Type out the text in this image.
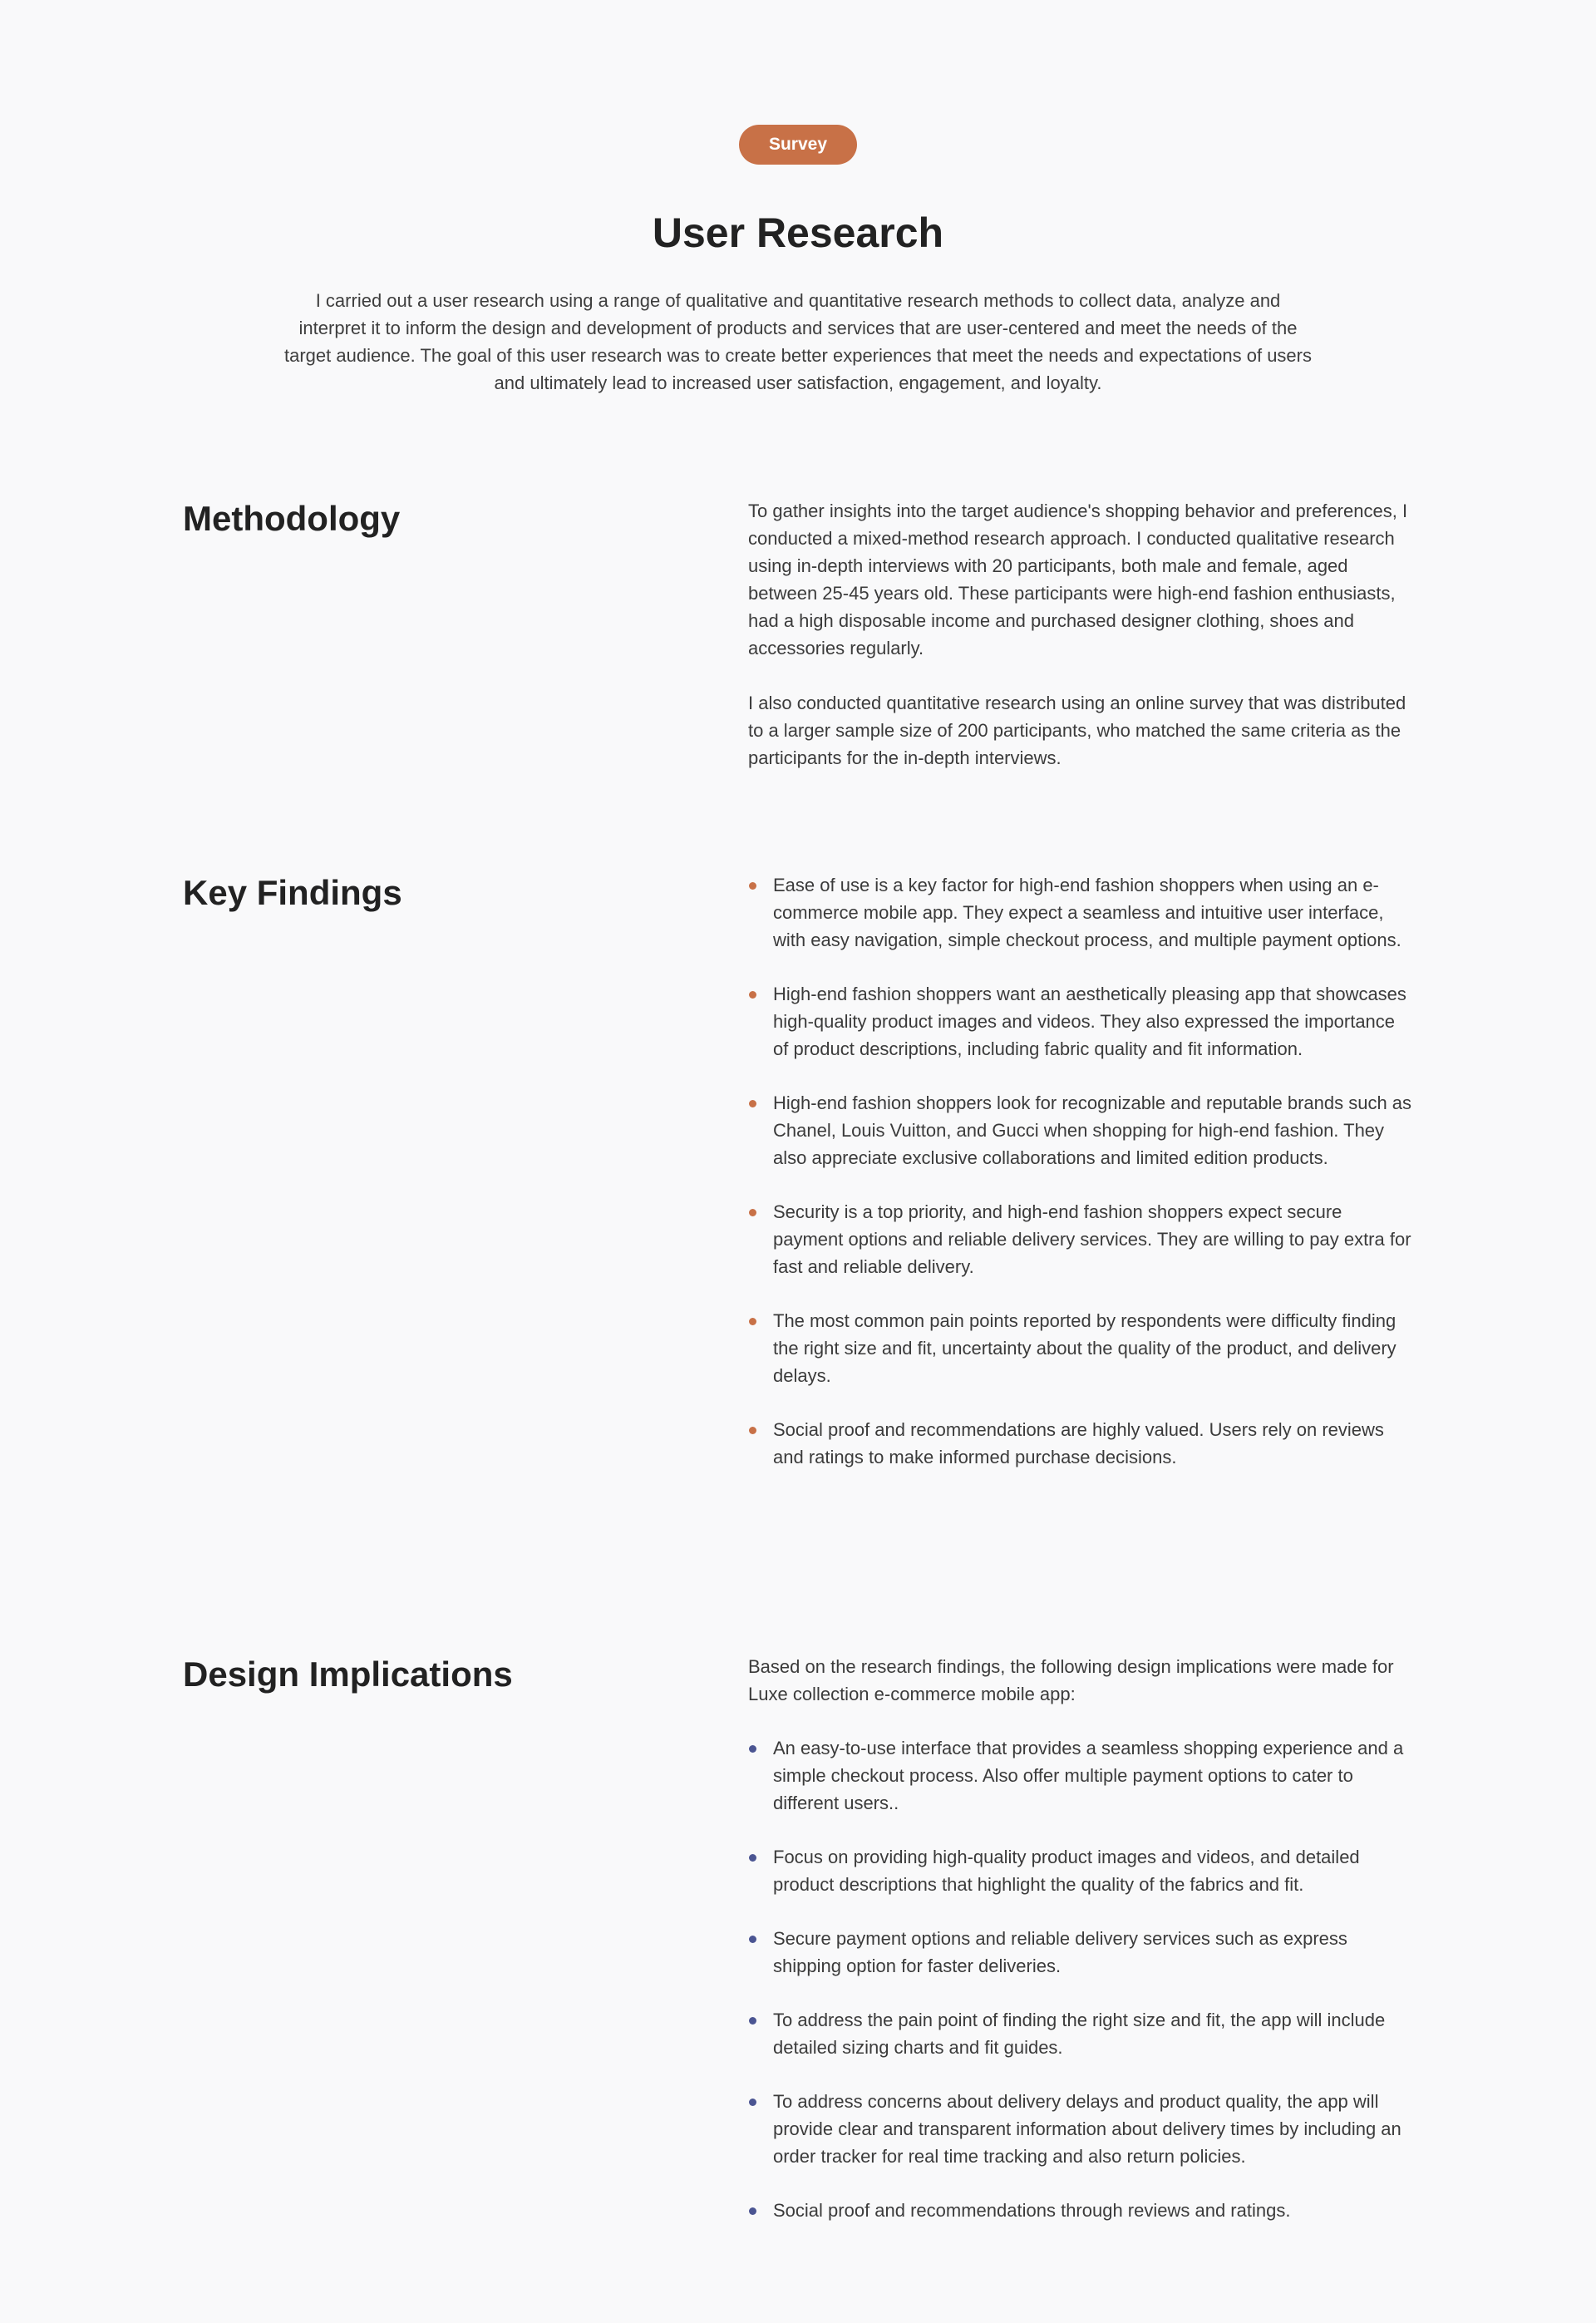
Survey
User Research

I carried out a user research using a range of qualitative and quantitative research methods to collect data, analyze and interpret it to inform the design and development of products and services that are user-centered and meet the needs of the target audience. The goal of this user research was to create better experiences that meet the needs and expectations of users and ultimately lead to increased user satisfaction, engagement, and loyalty.

Methodology	To gather insights into the target audience's shopping behavior and preferences, I conducted a mixed-method research approach. I conducted qualitative research using in-depth interviews with 20 participants, both male and female, aged between 25-45 years old. These participants were high-end fashion enthusiasts, had a high disposable income and purchased designer clothing, shoes and accessories regularly.

I also conducted quantitative research using an online survey that was distributed to a larger sample size of 200 participants, who matched the same criteria as the participants for the in-depth interviews.

Key Findings	Ease of use is a key factor for high-end fashion shoppers when using an e-commerce mobile app. They expect a seamless and intuitive user interface, with easy navigation, simple checkout process, and multiple payment options.
High-end fashion shoppers want an aesthetically pleasing app that showcases high-quality product images and videos. They also expressed the importance of product descriptions, including fabric quality and fit information.
High-end fashion shoppers look for recognizable and reputable brands such as Chanel, Louis Vuitton, and Gucci when shopping for high-end fashion. They also appreciate exclusive collaborations and limited edition products.
Security is a top priority, and high-end fashion shoppers expect secure payment options and reliable delivery services. They are willing to pay extra for fast and reliable delivery.
The most common pain points reported by respondents were difficulty finding the right size and fit, uncertainty about the quality of the product, and delivery delays.
Social proof and recommendations are highly valued. Users rely on reviews and ratings to make informed purchase decisions.
Design Implications	Based on the research findings, the following design implications were made for Luxe collection e-commerce mobile app:

An easy-to-use interface that provides a seamless shopping experience and a simple checkout process. Also offer multiple payment options to cater to different users..
Focus on providing high-quality product images and videos, and detailed product descriptions that highlight the quality of the fabrics and fit.
Secure payment options and reliable delivery services such as express shipping option for faster deliveries.
To address the pain point of finding the right size and fit, the app will include detailed sizing charts and fit guides.
To address concerns about delivery delays and product quality, the app will provide clear and transparent information about delivery times by including an order tracker for real time tracking and also return policies.
Social proof and recommendations through reviews and ratings.
